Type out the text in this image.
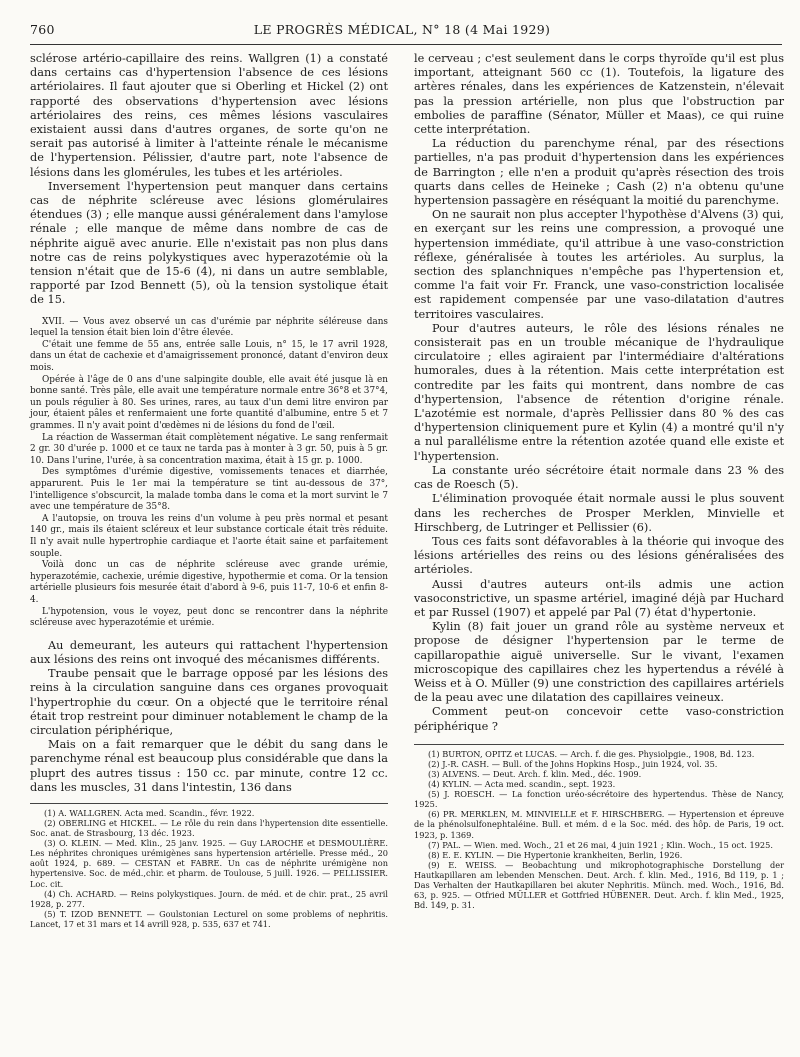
760	LE PROGRÈS MÉDICAL, N° 18 (4 Mai 1929)

sclérose artério-capillaire des reins. Wallgren (1) a constaté dans certains cas d'hypertension l'absence de ces lésions artériolaires. Il faut ajouter que si Oberling et Hickel (2) ont rapporté des observations d'hypertension avec lésions artériolaires des reins, ces mêmes lésions vasculaires existaient aussi dans d'autres organes, de sorte qu'on ne serait pas autorisé à limiter à l'atteinte rénale le mécanisme de l'hypertension. Pélissier, d'autre part, note l'absence de lésions dans les glomérules, les tubes et les artérioles.

Inversement l'hypertension peut manquer dans certains cas de néphrite scléreuse avec lésions glomérulaires étendues (3) ; elle manque aussi généralement dans l'amylose rénale ; elle manque de même dans nombre de cas de néphrite aiguë avec anurie. Elle n'existait pas non plus dans notre cas de reins polykystiques avec hyperazotémie où la tension n'était que de 15-6 (4), ni dans un autre semblable, rapporté par Izod Bennett (5), où la tension systolique était de 15.

XVII. — Vous avez observé un cas d'urémie par néphrite séléreuse dans lequel la tension était bien loin d'être élevée.

C'était une femme de 55 ans, entrée salle Louis, n° 15, le 17 avril 1928, dans un état de cachexie et d'amaigrissement prononcé, datant d'environ deux mois.

Opérée à l'âge de 0 ans d'une salpingite double, elle avait été jusque là en bonne santé. Très pâle, elle avait une température normale entre 36°8 et 37°4, un pouls régulier à 80. Ses urines, rares, au taux d'un demi litre environ par jour, étaient pâles et renfermaient une forte quantité d'albumine, entre 5 et 7 grammes. Il n'y avait point d'œdèmes ni de lésions du fond de l'œil.

La réaction de Wasserman était complètement négative. Le sang renfermait 2 gr. 30 d'urée p. 1000 et ce taux ne tarda pas à monter à 3 gr. 50, puis à 5 gr. 10. Dans l'urine, l'urée, à sa concentration maxima, était à 15 gr. p. 1000.

Des symptômes d'urémie digestive, vomissements tenaces et diarrhée, apparurent. Puis le 1er mai la température se tint au-dessous de 37°, l'intelligence s'obscurcit, la malade tomba dans le coma et la mort survint le 7 avec une température de 35°8.

A l'autopsie, on trouva les reins d'un volume à peu près normal et pesant 140 gr., mais ils étaient scléreux et leur substance corticale était très réduite. Il n'y avait nulle hypertrophie cardiaque et l'aorte était saine et parfaitement souple.

Voilà donc un cas de néphrite scléreuse avec grande urémie, hyperazotémie, cachexie, urémie digestive, hypothermie et coma. Or la tension artérielle plusieurs fois mesurée était d'abord à 9-6, puis 11-7, 10-6 et enfin 8-4.

L'hypotension, vous le voyez, peut donc se rencontrer dans la néphrite scléreuse avec hyperazotémie et urémie.

Au demeurant, les auteurs qui rattachent l'hypertension aux lésions des reins ont invoqué des mécanismes différents.

Traube pensait que le barrage opposé par les lésions des reins à la circulation sanguine dans ces organes provoquait l'hypertrophie du cœur. On a objecté que le territoire rénal était trop restreint pour diminuer notablement le champ de la circulation périphérique,

Mais on a fait remarquer que le débit du sang dans le parenchyme rénal est beaucoup plus considérable que dans la pluprt des autres tissus : 150 cc. par minute, contre 12 cc. dans les muscles, 31 dans l'intestin, 136 dans

(1) A. WALLGREN. Acta med. Scandin., févr. 1922.

(2) OBERLING et HICKEL. — Le rôle du rein dans l'hypertension dite essentielle. Soc. anat. de Strasbourg, 13 déc. 1923.

(3) O. KLEIN. — Med. Klin., 25 janv. 1925. — Guy LAROCHE et DESMOULIÈRE. Les néphrites chroniques urémigènes sans hypertension artérielle. Presse méd., 20 août 1924, p. 689. — CESTAN et FABRE. Un cas de néphrite urémigène non hypertensive. Soc. de méd.,chir. et pharm. de Toulouse, 5 juill. 1926. — PELLISSIER. Loc. cit.

(4) Ch. ACHARD. — Reins polykystiques. Journ. de méd. et de chir. prat., 25 avril 1928, p. 277.

(5) T. IZOD BENNETT. — Goulstonian Lecturel on some problems of nephritis. Lancet, 17 et 31 mars et 14 avrill 928, p. 535, 637 et 741.

le cerveau ; c'est seulement dans le corps thyroïde qu'il est plus important, atteignant 560 cc (1). Toutefois, la ligature des artères rénales, dans les expériences de Katzenstein, n'élevait pas la pression artérielle, non plus que l'obstruction par embolies de paraffine (Sénator, Müller et Maas), ce qui ruine cette interprétation.

La réduction du parenchyme rénal, par des résections partielles, n'a pas produit d'hypertension dans les expériences de Barrington ; elle n'en a produit qu'après résection des trois quarts dans celles de Heineke ; Cash (2) n'a obtenu qu'une hypertension passagère en réséquant la moitié du parenchyme.

On ne saurait non plus accepter l'hypothèse d'Alvens (3) qui, en exerçant sur les reins une compression, a provoqué une hypertension immédiate, qu'il attribue à une vaso-constriction réflexe, généralisée à toutes les artérioles. Au surplus, la section des splanchniques n'empêche pas l'hypertension et, comme l'a fait voir Fr. Franck, une vaso-constriction localisée est rapidement compensée par une vaso-dilatation d'autres territoires vasculaires.

Pour d'autres auteurs, le rôle des lésions rénales ne consisterait pas en un trouble mécanique de l'hydraulique circulatoire ; elles agiraient par l'intermédiaire d'altérations humorales, dues à la rétention. Mais cette interprétation est contredite par les faits qui montrent, dans nombre de cas d'hypertension, l'absence de rétention d'origine rénale. L'azotémie est normale, d'après Pellissier dans 80 % des cas d'hypertension cliniquement pure et Kylin (4) a montré qu'il n'y a nul parallélisme entre la rétention azotée quand elle existe et l'hypertension.

La constante uréo sécrétoire était normale dans 23 % des cas de Roesch (5).

L'élimination provoquée était normale aussi le plus souvent dans les recherches de Prosper Merklen, Minvielle et Hirschberg, de Lutringer et Pellissier (6).

Tous ces faits sont défavorables à la théorie qui invoque des lésions artérielles des reins ou des lésions généralisées des artérioles.

Aussi d'autres auteurs ont-ils admis une action vasoconstrictive, un spasme artériel, imaginé déjà par Huchard et par Russel (1907) et appelé par Pal (7) état d'hypertonie.

Kylin (8) fait jouer un grand rôle au système nerveux et propose de désigner l'hypertension par le terme de capillaropathie aiguë universelle. Sur le vivant, l'examen microscopique des capillaires chez les hypertendus a révélé à Weiss et à O. Müller (9) une constriction des capillaires artériels de la peau avec une dilatation des capillaires veineux.

Comment peut-on concevoir cette vaso-constriction périphérique ?

(1) BURTON, OPITZ et LUCAS. — Arch. f. die ges. Physiolpgie., 1908, Bd. 123.

(2) J.-R. CASH. — Bull. of the Johns Hopkins Hosp., juin 1924, vol. 35.

(3) ALVENS. — Deut. Arch. f. klin. Med., déc. 1909.

(4) KYLIN. — Acta med. scandin., sept. 1923.

(5) J. ROESCH. — La fonction uréo-sécrétoire des hypertendus. Thèse de Nancy, 1925.

(6) PR. MERKLEN, M. MINVIELLE et F. HIRSCHBERG. — Hypertension et épreuve de la phénolsulfonephtaléine. Bull. et mém. d e la Soc. méd. des hôp. de Paris, 19 oct. 1923, p. 1369.

(7) PAL. — Wien. med. Woch., 21 et 26 mai, 4 juin 1921 ; Klin. Woch., 15 oct. 1925.

(8) E. E. KYLIN. — Die Hypertonie krankheiten, Berlin, 1926.

(9) E. WEISS. — Beobachtung und mikrophotographische Dorstellung der Hautkapillaren am lebenden Menschen. Deut. Arch. f. klin. Med., 1916, Bd 119, p. 1 ; Das Verhalten der Hautkapillaren bei akuter Nephritis. Münch. med. Woch., 1916, Bd. 63, p. 925. — Otfried MÜLLER et Gottfried HÜBENER. Deut. Arch. f. klin Med., 1925, Bd. 149, p. 31.
